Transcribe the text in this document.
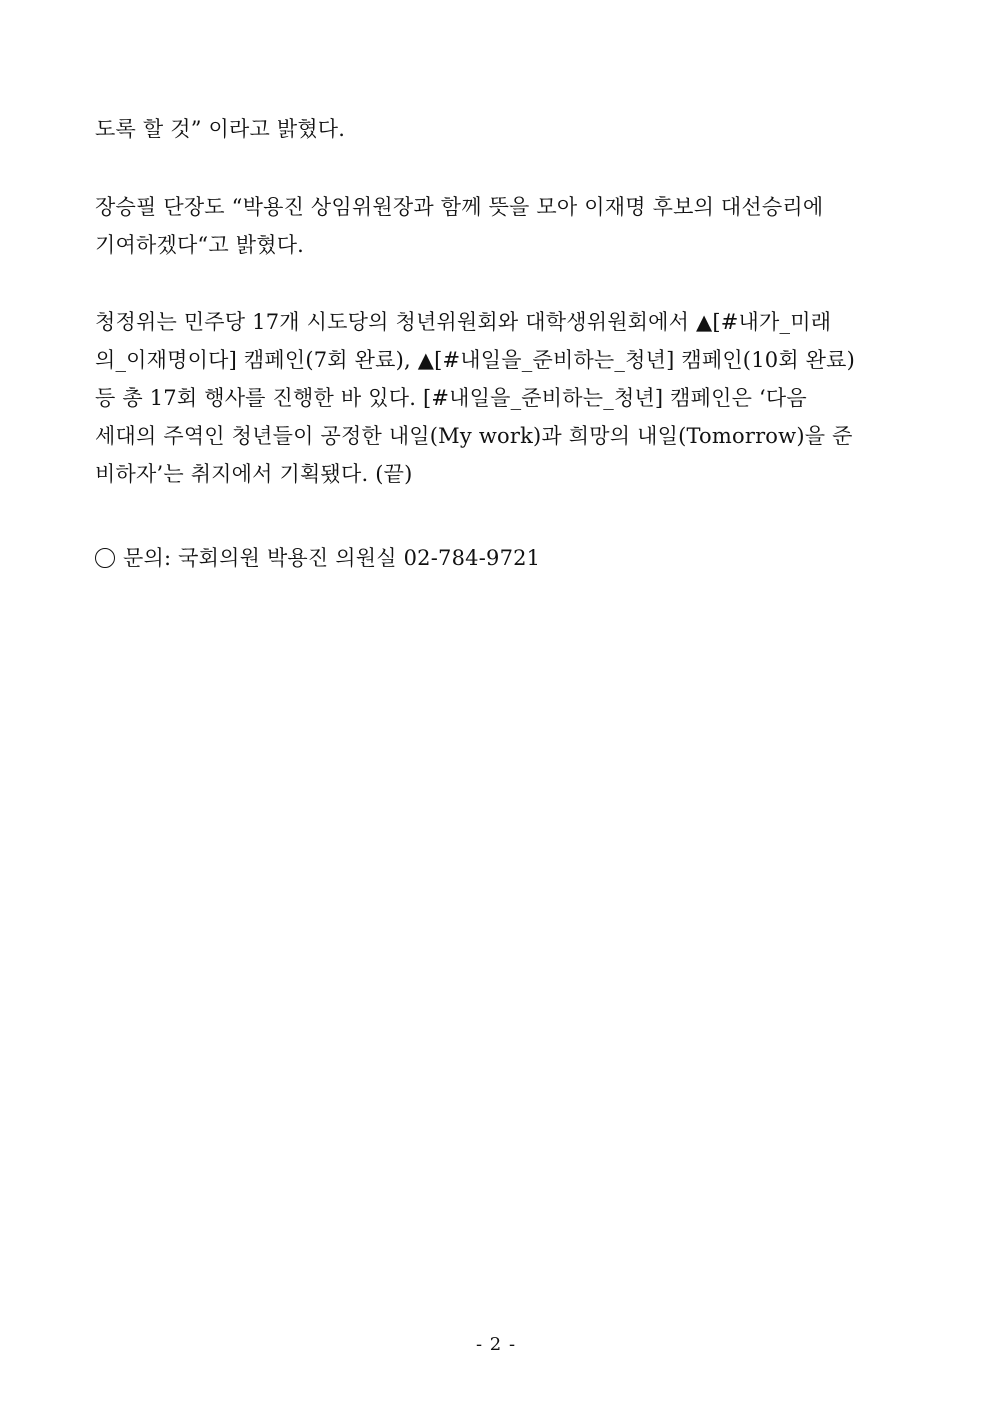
도록 할 것” 이라고 밝혔다.
장승필 단장도 “박용진 상임위원장과 함께 뜻을 모아 이재명 후보의 대선승리에
기여하겠다“고 밝혔다.
청정위는 민주당 17개 시도당의 청년위원회와 대학생위원회에서 ▲[#내가_미래
의_이재명이다] 캠페인(7회 완료), ▲[#내일을_준비하는_청년] 캠페인(10회 완료)
등 총 17회 행사를 진행한 바 있다. [#내일을_준비하는_청년] 캠페인은 ‘다음
세대의 주역인 청년들이 공정한 내일(My work)과 희망의 내일(Tomorrow)을 준
비하자’는 취지에서 기획됐다. (끝)
문의: 국회의원 박용진 의원실 02-784-9721
- 2 -
